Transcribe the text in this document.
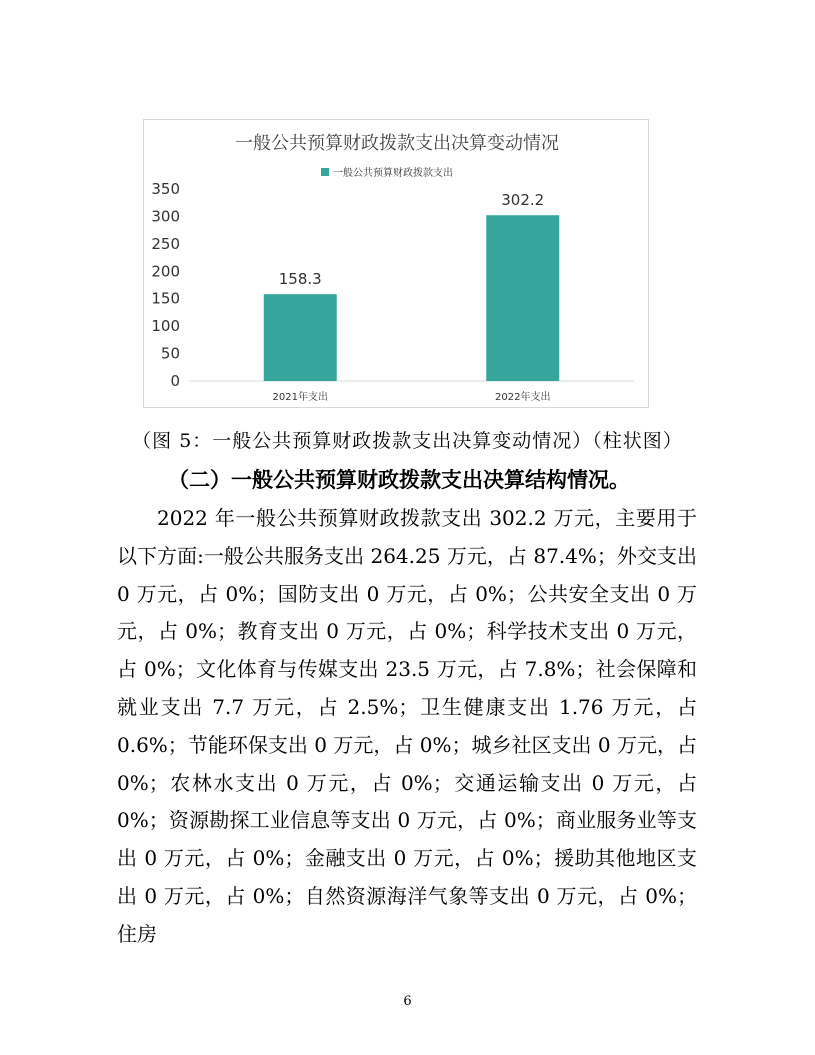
一般公共预算财政拨款支出决算变动情况
一般公共预算财政拨款支出
0
50
100
150
200
250
300
350
158.3
302.2
2021年支出	2022年支出
（图 5：一般公共预算财政拨款支出决算变动情况）（柱状图）
（二）一般公共预算财政拨款支出决算结构情况。
2022 年一般公共预算财政拨款支出 302.2 万元，主要用于以下方面:一般公共服务支出 264.25 万元，占 87.4%；外交支出 0 万元，占 0%；国防支出 0 万元，占 0%；公共安全支出 0 万元，占 0%；教育支出 0 万元，占 0%；科学技术支出 0 万元，占 0%；文化体育与传媒支出 23.5 万元，占 7.8%；社会保障和就业支出 7.7 万元，占 2.5%；卫生健康支出 1.76 万元，占 0.6%；节能环保支出 0 万元，占 0%；城乡社区支出 0 万元，占 0%；农林水支出 0 万元，占 0%；交通运输支出 0 万元，占 0%；资源勘探工业信息等支出 0 万元，占 0%；商业服务业等支出 0 万元，占 0%；金融支出 0 万元，占 0%；援助其他地区支出 0 万元，占 0%；自然资源海洋气象等支出 0 万元，占 0%；住房
6
